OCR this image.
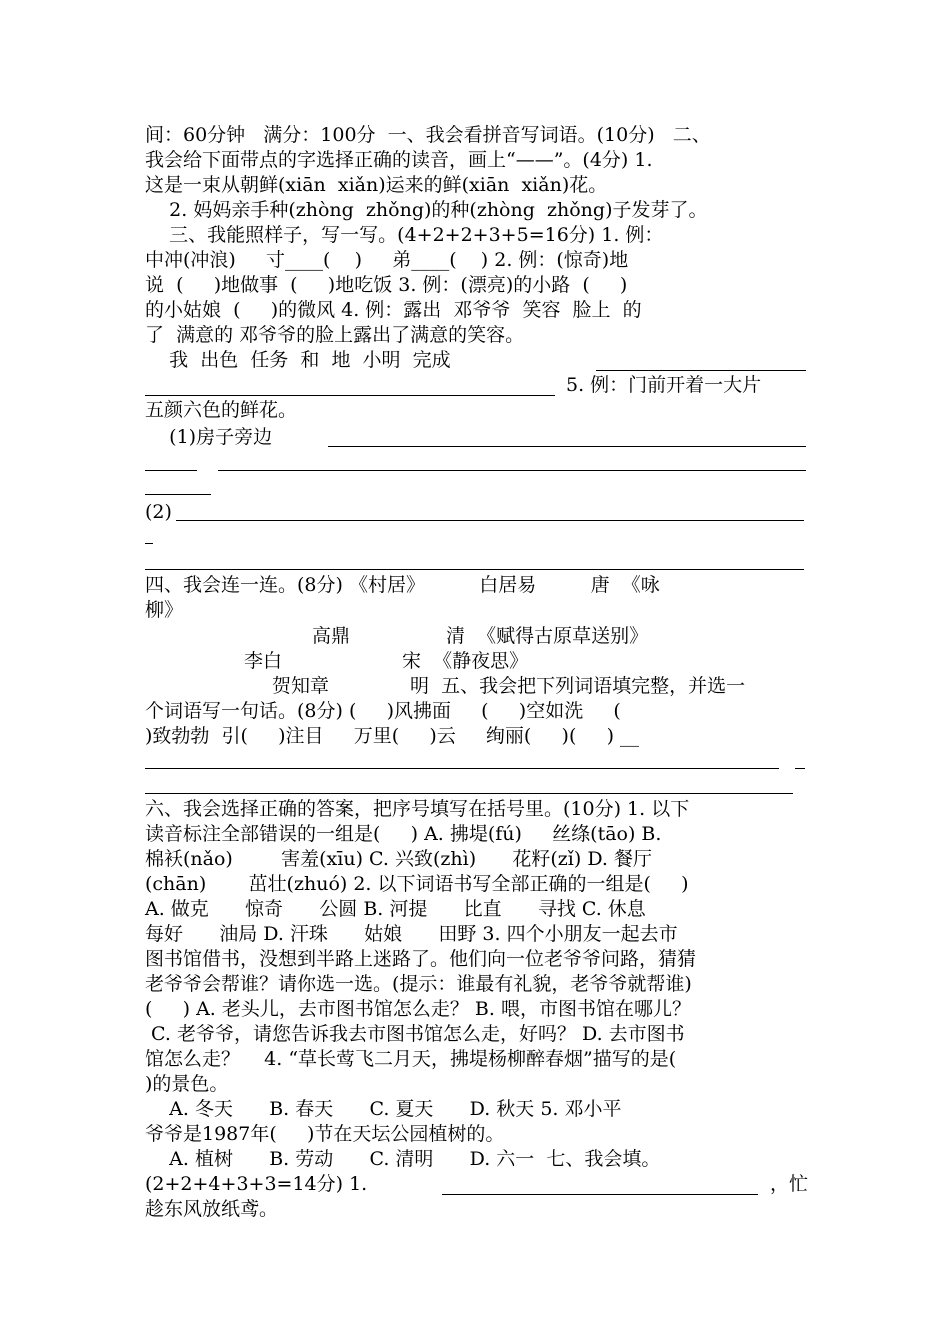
间：60分钟   满分：100分  一、我会看拼音写词语。(10分)   二、
我会给下面带点的字选择正确的读音，画上“——”。(4分) 1.
这是一束从朝鲜(xiān  xiǎn)运来的鲜(xiān  xiǎn)花。
2. 妈妈亲手种(zhòng  zhǒng)的种(zhòng  zhǒng)子发芽了。
三、我能照样子，写一写。(4+2+2+3+5=16分) 1. 例：
中冲(冲浪)     寸____(    )     弟____(    ) 2. 例：(惊奇)地
说  (     )地做事  (     )地吃饭 3. 例：(漂亮)的小路  (     )
的小姑娘  (     )的微风 4. 例：露出  邓爷爷  笑容  脸上  的
了  满意的 邓爷爷的脸上露出了满意的笑容。
我  出色  任务  和  地  小明  完成
5. 例：门前开着一大片
五颜六色的鲜花。
(1)房子旁边
(2)
四、我会连一连。(8分) 《村居》         白居易         唐  《咏
柳》
高鼎	清  《赋得古原草送别》
李白	宋  《静夜思》
贺知章	明  五、我会把下列词语填完整，并选一
个词语写一句话。(8分) (     )风拂面     (     )空如洗     (
)致勃勃  引(     )注目     万里(     )云     绚丽(     )(     ) __
六、我会选择正确的答案，把序号填写在括号里。(10分) 1. 以下
读音标注全部错误的一组是(     ) A. 拂堤(fú)     丝绦(tāo) B.
棉袄(nǎo)        害羞(xīu) C. 兴致(zhì)      花籽(zǐ) D. 餐厅
(chān)       茁壮(zhuó) 2. 以下词语书写全部正确的一组是(     )
A. 做克      惊奇      公圆 B. 河提      比直      寻找 C. 休息
每好      油局 D. 汗珠      姑娘      田野 3. 四个小朋友一起去市
图书馆借书，没想到半路上迷路了。他们向一位老爷爷问路，猜猜
老爷爷会帮谁？请你选一选。(提示：谁最有礼貌，老爷爷就帮谁)
(     ) A. 老头儿，去市图书馆怎么走？ B. 喂，市图书馆在哪儿？
C. 老爷爷，请您告诉我去市图书馆怎么走，好吗？ D. 去市图书
馆怎么走？    4. “草长莺飞二月天，拂堤杨柳醉春烟”描写的是(
)的景色。
A. 冬天      B. 春天      C. 夏天      D. 秋天 5. 邓小平
爷爷是1987年(     )节在天坛公园植树的。
A. 植树      B. 劳动      C. 清明      D. 六一  七、我会填。
(2+2+4+3+3=14分) 1.	，忙
趁东风放纸鸢。
